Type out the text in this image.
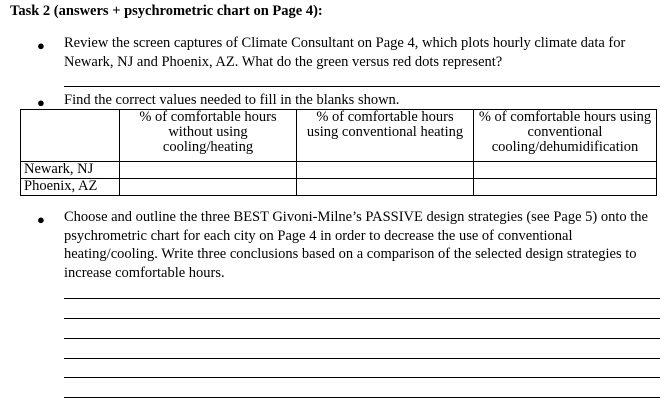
Task 2 (answers + psychrometric chart on Page 4):
● Review the screen captures of Climate Consultant on Page 4, which plots hourly climate data for Newark, NJ and Phoenix, AZ. What do the green versus red dots represent?
● Find the correct values needed to fill in the blanks shown.
	% of comfortable hours without using cooling/heating	% of comfortable hours using conventional heating	% of comfortable hours using conventional cooling/dehumidification
Newark, NJ			
Phoenix, AZ			
● Choose and outline the three BEST Givoni-Milne’s PASSIVE design strategies (see Page 5) onto the psychrometric chart for each city on Page 4 in order to decrease the use of conventional heating/cooling. Write three conclusions based on a comparison of the selected design strategies to increase comfortable hours.
